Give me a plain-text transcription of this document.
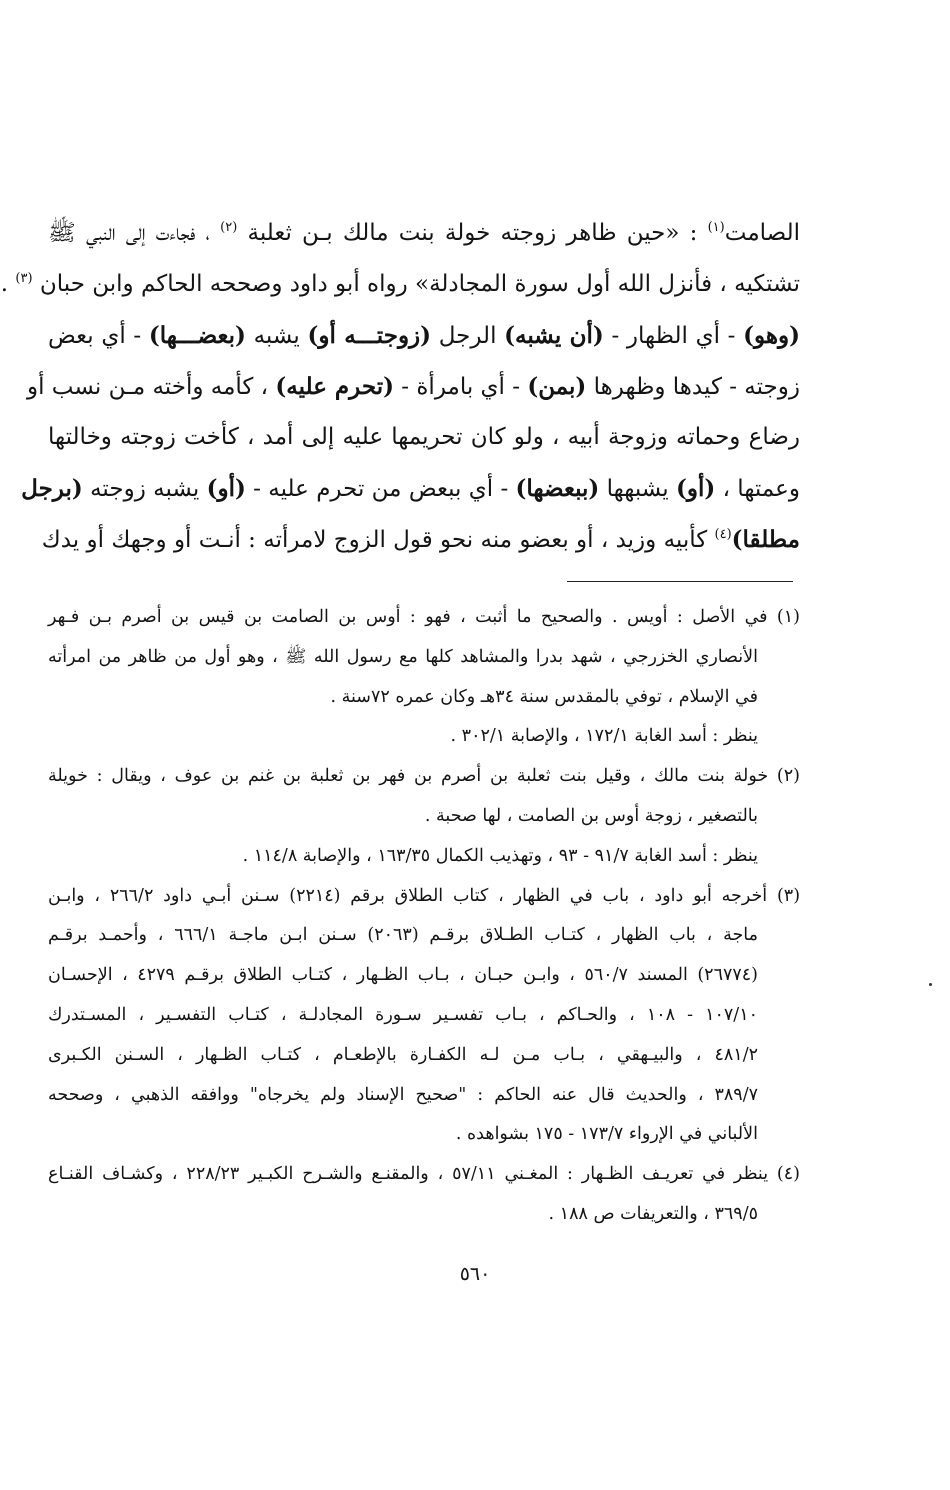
الصامت$^{(١)}$ : «حين ظاهر زوجته خولة بنت مالك بـن ثعلبة $^{(٢)}$ ، فجاءت إلى النبي ﷺ
تشتكيه ، فأنزل الله أول سورة المجادلة» رواه أبو داود وصححه الحاكم وابن حبان $^{(٣)}$ .
(وهو) - أي الظهار - (أن يشبه) الرجل (زوجتـــه أو) يشبه (بعضـــها) - أي بعض
زوجته - كيدها وظهرها (بمن) - أي بامرأة - (تحرم عليه) ، كأمه وأخته مـن نسب أو
رضاع وحماته وزوجة أبيه ، ولو كان تحريمها عليه إلى أمد ، كأخت زوجته وخالتها
وعمتها ، (أو) يشبهها (ببعضها) - أي ببعض من تحرم عليه - (أو) يشبه زوجته (برجل
مطلقا)$^{(٤)}$ كأبيه وزيد ، أو بعضو منه نحو قول الزوج لامرأته : أنـت أو وجهك أو يدك
(١) في الأصل : أويس . والصحيح ما أثبت ، فهو : أوس بن الصامت بن قيس بن أصرم بـن فـهر
الأنصاري الخزرجي ، شهد بدرا والمشاهد كلها مع رسول الله ﷺ ، وهو أول من ظاهر من امرأته
في الإسلام ، توفي بالمقدس سنة ٣٤هـ وكان عمره ٧٢سنة .
ينظر : أسد الغابة ١٧٢/١ ، والإصابة ٣٠٢/١ .
(٢) خولة بنت مالك ، وقيل بنت ثعلبة بن أصرم بن فهر بن ثعلبة بن غنم بن عوف ، ويقال : خويلة
بالتصغير ، زوجة أوس بن الصامت ، لها صحبة .
ينظر : أسد الغابة ٩١/٧ - ٩٣ ، وتهذيب الكمال ١٦٣/٣٥ ، والإصابة ١١٤/٨ .
(٣) أخرجه أبو داود ، باب في الظهار ، كتاب الطلاق برقم (٢٢١٤) سـنن أبـي داود ٢٦٦/٢ ، وابـن
ماجة ، باب الظهار ، كتـاب الطـلاق برقـم (٢٠٦٣) سـنن ابـن ماجـة ٦٦٦/١ ، وأحمـد برقـم
(٢٦٧٧٤) المسند ٥٦٠/٧ ، وابـن حبـان ، بـاب الظـهار ، كتـاب الطلاق برقـم ٤٢٧٩ ، الإحسـان
١٠٧/١٠ - ١٠٨ ، والحـاكم ، بـاب تفسـير سـورة المجادلـة ، كتـاب التفسـير ، المسـتدرك
٤٨١/٢ ، والبيـهقي ، بـاب مـن لـه الكفـارة بالإطعـام ، كتـاب الظـهار ، السـنن الكـبرى
٣٨٩/٧ ، والحديث قال عنه الحاكم : "صحيح الإسناد ولم يخرجاه" ووافقه الذهبي ، وصححه
الألباني في الإرواء ١٧٣/٧ - ١٧٥ بشواهده .
(٤) ينظر في تعريـف الظـهار : المغـني ٥٧/١١ ، والمقنـع والشـرح الكبـير ٢٢٨/٢٣ ، وكشـاف القنـاع
٣٦٩/٥ ، والتعريفات ص ١٨٨ .
٥٦٠
